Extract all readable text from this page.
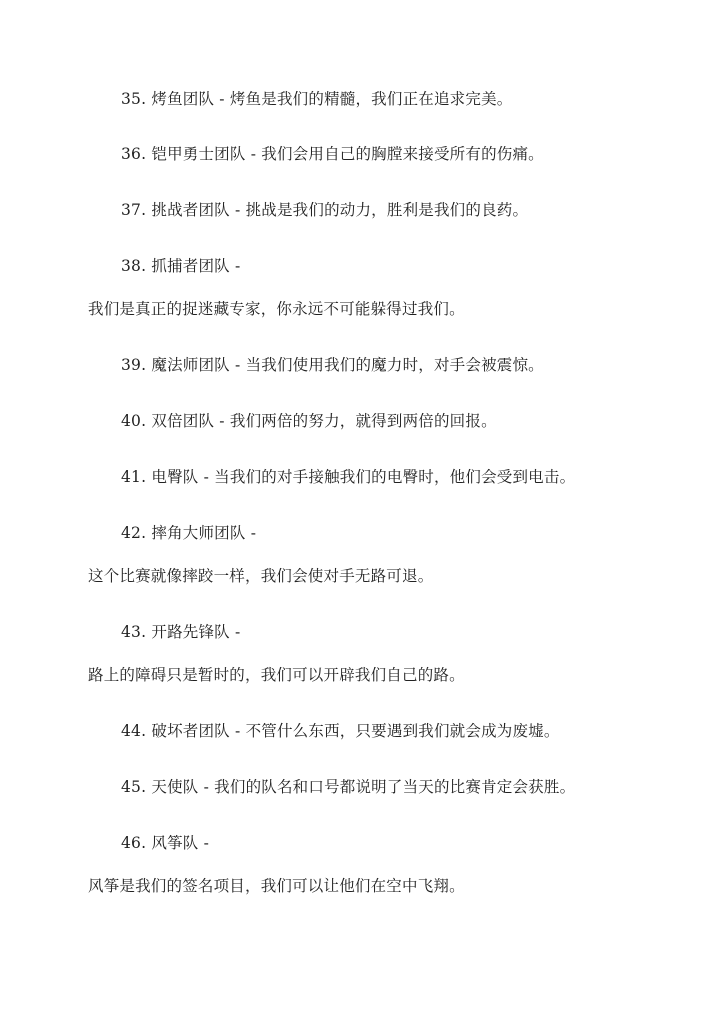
35. 烤鱼团队 - 烤鱼是我们的精髓，我们正在追求完美。
36. 铠甲勇士团队 - 我们会用自己的胸膛来接受所有的伤痛。
37. 挑战者团队 - 挑战是我们的动力，胜利是我们的良药。
38. 抓捕者团队 -
我们是真正的捉迷藏专家，你永远不可能躲得过我们。
39. 魔法师团队 - 当我们使用我们的魔力时，对手会被震惊。
40. 双倍团队 - 我们两倍的努力，就得到两倍的回报。
41. 电臀队 - 当我们的对手接触我们的电臀时，他们会受到电击。
42. 摔角大师团队 -
这个比赛就像摔跤一样，我们会使对手无路可退。
43. 开路先锋队 -
路上的障碍只是暂时的，我们可以开辟我们自己的路。
44. 破坏者团队 - 不管什么东西，只要遇到我们就会成为废墟。
45. 天使队 - 我们的队名和口号都说明了当天的比赛肯定会获胜。
46. 风筝队 -
风筝是我们的签名项目，我们可以让他们在空中飞翔。
